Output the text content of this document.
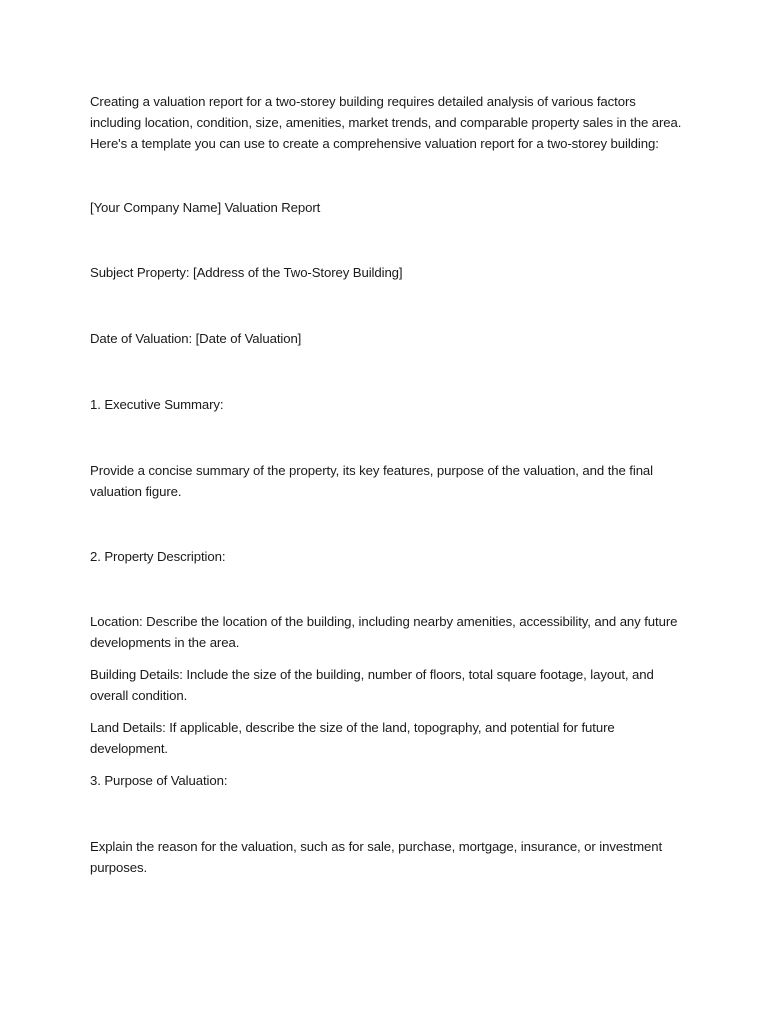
Creating a valuation report for a two-storey building requires detailed analysis of various factors including location, condition, size, amenities, market trends, and comparable property sales in the area. Here's a template you can use to create a comprehensive valuation report for a two-storey building:

[Your Company Name] Valuation Report

Subject Property: [Address of the Two-Storey Building]

Date of Valuation: [Date of Valuation]

1. Executive Summary:

Provide a concise summary of the property, its key features, purpose of the valuation, and the final valuation figure.

2. Property Description:

Location: Describe the location of the building, including nearby amenities, accessibility, and any future developments in the area.

Building Details: Include the size of the building, number of floors, total square footage, layout, and overall condition.

Land Details: If applicable, describe the size of the land, topography, and potential for future development.

3. Purpose of Valuation:

Explain the reason for the valuation, such as for sale, purchase, mortgage, insurance, or investment purposes.
